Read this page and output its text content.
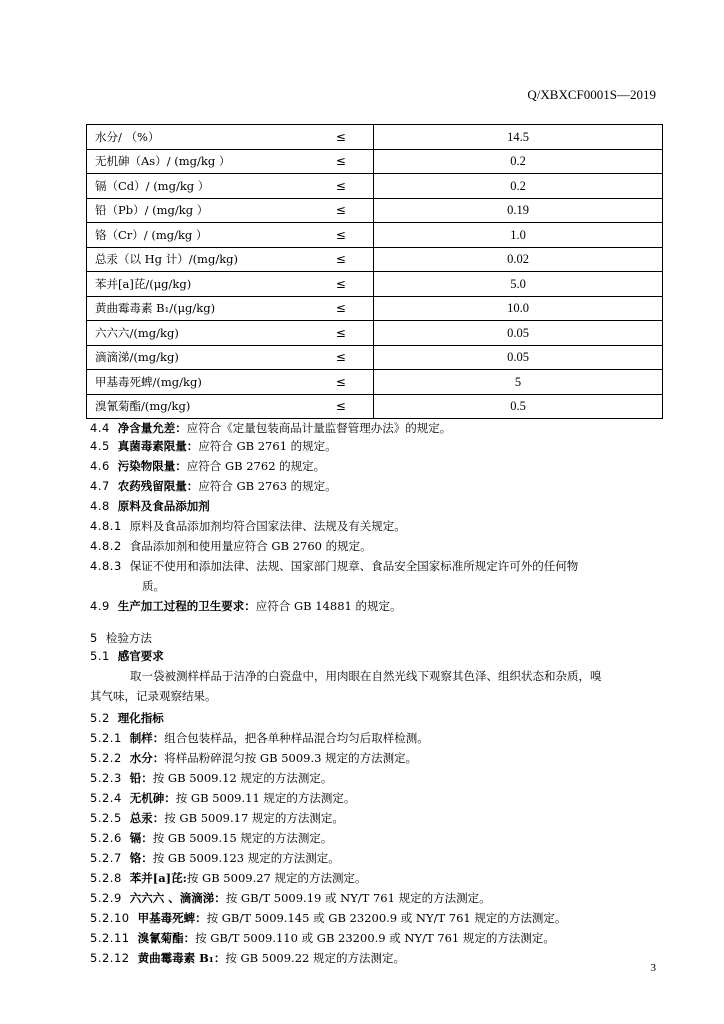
Q/XBXCF0001S—2019
水分/ （%）	≤	14.5
无机砷（As）/ (mg/kg ）	≤	0.2
镉（Cd）/ (mg/kg ）	≤	0.2
铅（Pb）/ (mg/kg ）	≤	0.19
铬（Cr）/ (mg/kg ）	≤	1.0
总汞（以 Hg 计）/(mg/kg)	≤	0.02
苯并[a]芘/(μg/kg)	≤	5.0
黄曲霉毒素 B₁/(μg/kg)	≤	10.0
六六六/(mg/kg)	≤	0.05
滴滴涕/(mg/kg)	≤	0.05
甲基毒死蜱/(mg/kg)	≤	5
溴氰菊酯/(mg/kg)	≤	0.5
4.4 净含量允差：应符合《定量包装商品计量监督管理办法》的规定。
4.5 真菌毒素限量：应符合 GB 2761 的规定。
4.6 污染物限量：应符合 GB 2762 的规定。
4.7 农药残留限量：应符合 GB 2763 的规定。
4.8 原料及食品添加剂
4.8.1 原料及食品添加剂均符合国家法律、法规及有关规定。
4.8.2 食品添加剂和使用量应符合 GB 2760 的规定。
4.8.3 保证不使用和添加法律、法规、国家部门规章、食品安全国家标准所规定许可外的任何物
质。
4.9 生产加工过程的卫生要求：应符合 GB 14881 的规定。
5 检验方法
5.1 感官要求
取一袋被测样样品于洁净的白瓷盘中，用肉眼在自然光线下观察其色泽、组织状态和杂质，嗅
其气味，记录观察结果。
5.2 理化指标
5.2.1 制样：组合包装样品，把各单种样品混合均匀后取样检测。
5.2.2 水分：将样品粉碎混匀按 GB 5009.3 规定的方法测定。
5.2.3 铅：按 GB 5009.12 规定的方法测定。
5.2.4 无机砷：按 GB 5009.11 规定的方法测定。
5.2.5 总汞：按 GB 5009.17 规定的方法测定。
5.2.6 镉：按 GB 5009.15 规定的方法测定。
5.2.7 铬：按 GB 5009.123 规定的方法测定。
5.2.8 苯并[a]芘:按 GB 5009.27 规定的方法测定。
5.2.9 六六六 、滴滴涕：按 GB/T 5009.19 或 NY/T 761 规定的方法测定。
5.2.10 甲基毒死蜱：按 GB/T 5009.145 或 GB 23200.9 或 NY/T 761 规定的方法测定。
5.2.11 溴氰菊酯：按 GB/T 5009.110 或 GB 23200.9 或 NY/T 761 规定的方法测定。
5.2.12 黄曲霉毒素 B₁：按 GB 5009.22 规定的方法测定。
3
